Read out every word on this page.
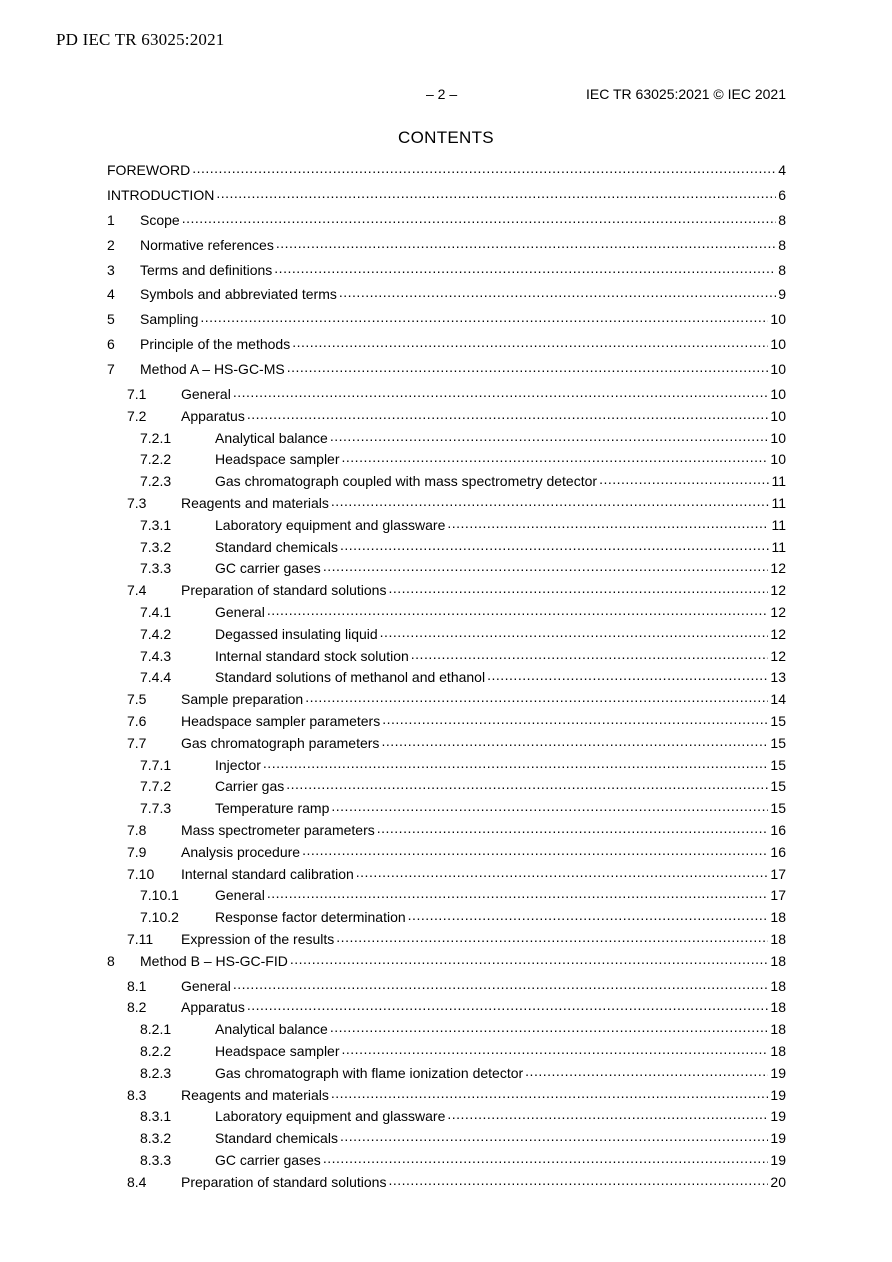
PD IEC TR 63025:2021
– 2 –	IEC TR 63025:2021 © IEC 2021
CONTENTS
FOREWORD .....	4
INTRODUCTION .....	6
1	Scope .....	8
2	Normative references .....	8
3	Terms and definitions .....	8
4	Symbols and abbreviated terms .....	9
5	Sampling .....	10
6	Principle of the methods .....	10
7	Method A – HS-GC-MS .....	10
7.1	General .....	10
7.2	Apparatus .....	10
7.2.1	Analytical balance .....	10
7.2.2	Headspace sampler .....	10
7.2.3	Gas chromatograph coupled with mass spectrometry detector .....	11
7.3	Reagents and materials .....	11
7.3.1	Laboratory equipment and glassware .....	11
7.3.2	Standard chemicals .....	11
7.3.3	GC carrier gases .....	12
7.4	Preparation of standard solutions .....	12
7.4.1	General .....	12
7.4.2	Degassed insulating liquid .....	12
7.4.3	Internal standard stock solution .....	12
7.4.4	Standard solutions of methanol and ethanol .....	13
7.5	Sample preparation .....	14
7.6	Headspace sampler parameters .....	15
7.7	Gas chromatograph parameters .....	15
7.7.1	Injector .....	15
7.7.2	Carrier gas .....	15
7.7.3	Temperature ramp .....	15
7.8	Mass spectrometer parameters .....	16
7.9	Analysis procedure .....	16
7.10	Internal standard calibration .....	17
7.10.1	General .....	17
7.10.2	Response factor determination .....	18
7.11	Expression of the results .....	18
8	Method B – HS-GC-FID .....	18
8.1	General .....	18
8.2	Apparatus .....	18
8.2.1	Analytical balance .....	18
8.2.2	Headspace sampler .....	18
8.2.3	Gas chromatograph with flame ionization detector .....	19
8.3	Reagents and materials .....	19
8.3.1	Laboratory equipment and glassware .....	19
8.3.2	Standard chemicals .....	19
8.3.3	GC carrier gases .....	19
8.4	Preparation of standard solutions .....	20
